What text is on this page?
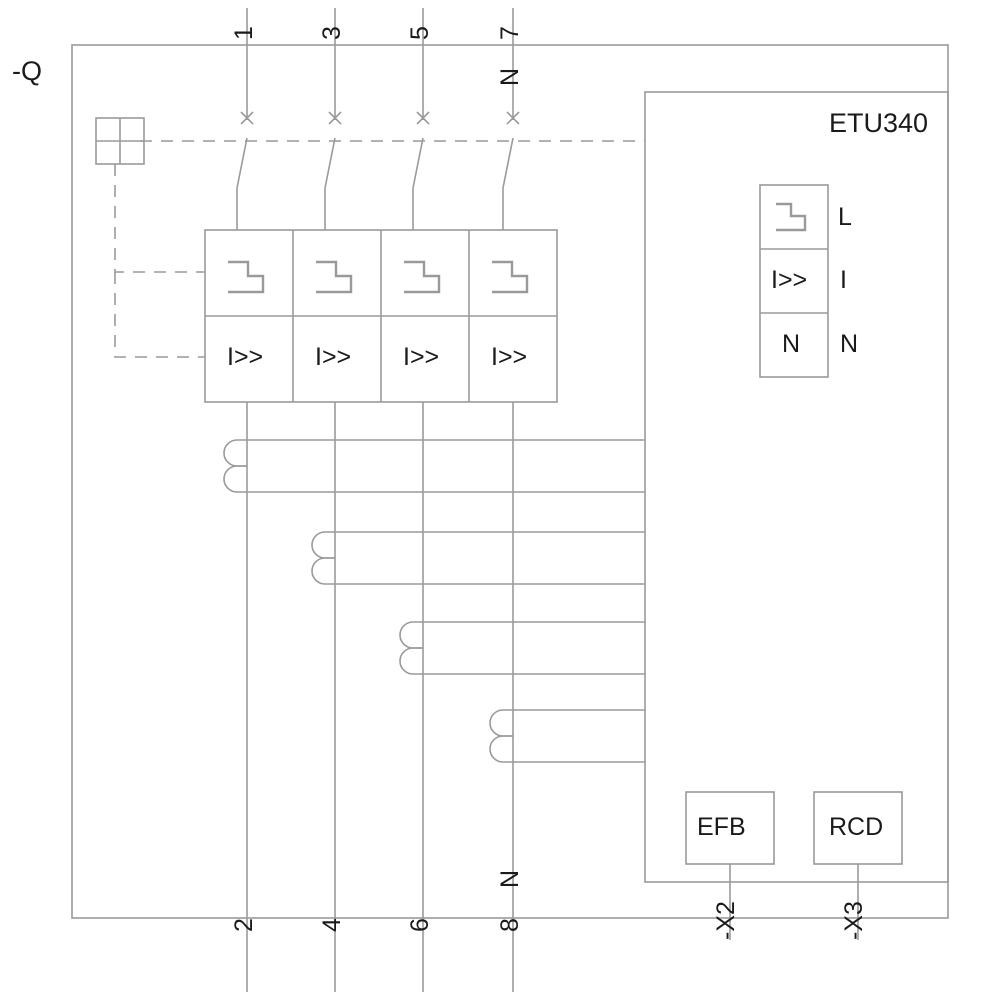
-Q
1 3 5 7
N
I>> I>> I>> I>>
ETU340
L
I>> I
N N
EFB	RCD
-X2	-X3
N
2 4 6 8
